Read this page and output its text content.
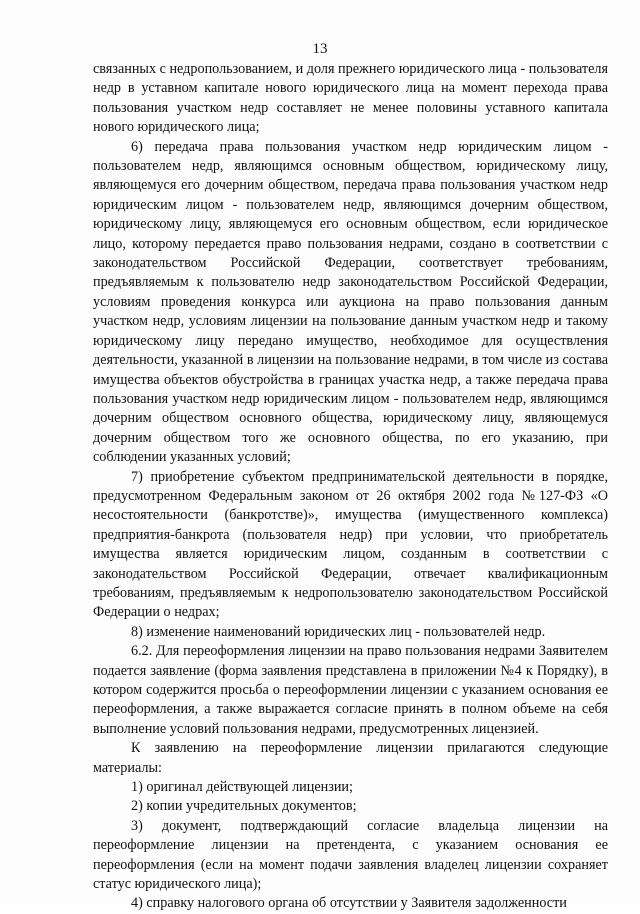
13

связанных с недропользованием, и доля прежнего юридического лица - пользователя недр в уставном капитале нового юридического лица на момент перехода права пользования участком недр составляет не менее половины уставного капитала нового юридического лица;

6) передача права пользования участком недр юридическим лицом - пользователем недр, являющимся основным обществом, юридическому лицу, являющемуся его дочерним обществом, передача права пользования участком недр юридическим лицом - пользователем недр, являющимся дочерним обществом, юридическому лицу, являющемуся его основным обществом, если юридическое лицо, которому передается право пользования недрами, создано в соответствии с законодательством Российской Федерации, соответствует требованиям, предъявляемым к пользователю недр законодательством Российской Федерации, условиям проведения конкурса или аукциона на право пользования данным участком недр, условиям лицензии на пользование данным участком недр и такому юридическому лицу передано имущество, необходимое для осуществления деятельности, указанной в лицензии на пользование недрами, в том числе из состава имущества объектов обустройства в границах участка недр, а также передача права пользования участком недр юридическим лицом - пользователем недр, являющимся дочерним обществом основного общества, юридическому лицу, являющемуся дочерним обществом того же основного общества, по его указанию, при соблюдении указанных условий;

7) приобретение субъектом предпринимательской деятельности в порядке, предусмотренном Федеральным законом от 26 октября 2002 года №127-ФЗ «О несостоятельности (банкротстве)», имущества (имущественного комплекса) предприятия-банкрота (пользователя недр) при условии, что приобретатель имущества является юридическим лицом, созданным в соответствии с законодательством Российской Федерации, отвечает квалификационным требованиям, предъявляемым к недропользователю законодательством Российской Федерации о недрах;

8) изменение наименований юридических лиц - пользователей недр.

6.2. Для переоформления лицензии на право пользования недрами Заявителем подается заявление (форма заявления представлена в приложении №4 к Порядку), в котором содержится просьба о переоформлении лицензии с указанием основания ее переоформления, а также выражается согласие принять в полном объеме на себя выполнение условий пользования недрами, предусмотренных лицензией.

К заявлению на переоформление лицензии прилагаются следующие материалы:

1) оригинал действующей лицензии;

2) копии учредительных документов;

3) документ, подтверждающий согласие владельца лицензии на переоформление лицензии на претендента, с указанием основания ее переоформления (если на момент подачи заявления владелец лицензии сохраняет статус юридического лица);

4) справку налогового органа об отсутствии у Заявителя задолженности
